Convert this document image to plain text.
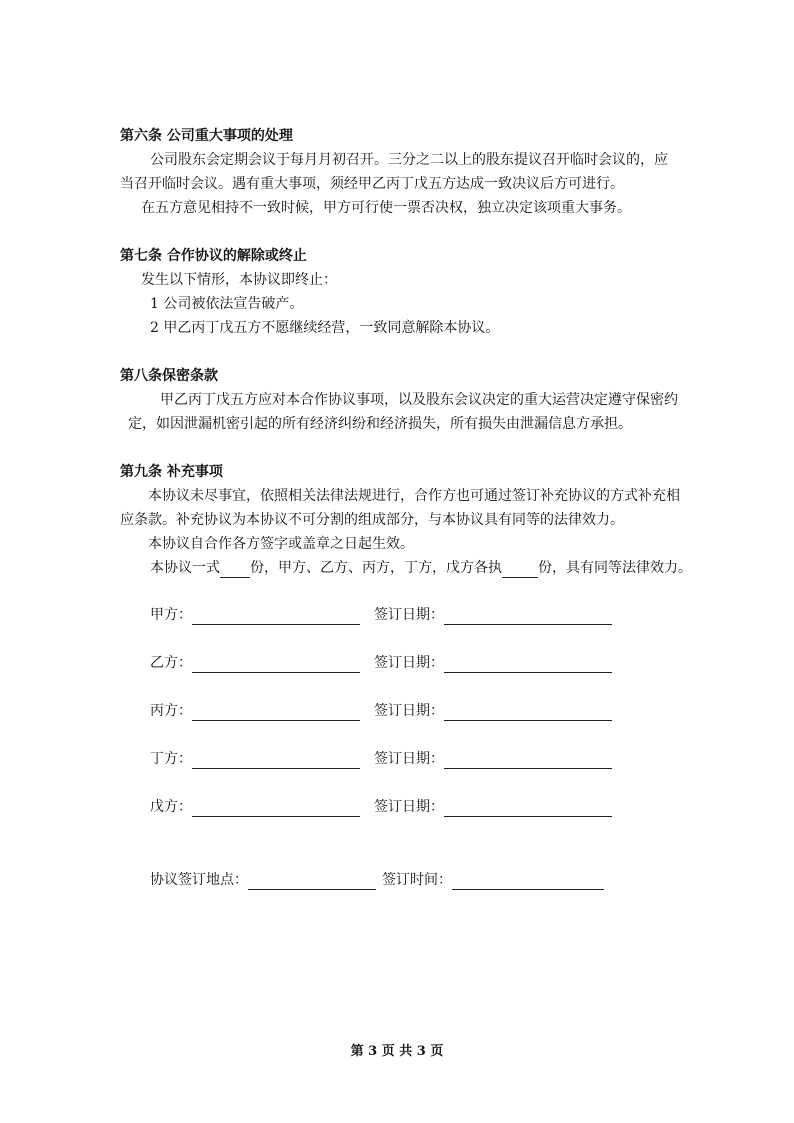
第六条 公司重大事项的处理
公司股东会定期会议于每月月初召开。三分之二以上的股东提议召开临时会议的，应
当召开临时会议。遇有重大事项，须经甲乙丙丁戊五方达成一致决议后方可进行。
在五方意见相持不一致时候，甲方可行使一票否决权，独立决定该项重大事务。
第七条 合作协议的解除或终止
发生以下情形，本协议即终止：
1 公司被依法宣告破产。
2 甲乙丙丁戊五方不愿继续经营，一致同意解除本协议。
第八条保密条款
甲乙丙丁戊五方应对本合作协议事项，以及股东会议决定的重大运营决定遵守保密约
定，如因泄漏机密引起的所有经济纠纷和经济损失，所有损失由泄漏信息方承担。
第九条 补充事项
本协议未尽事宜，依照相关法律法规进行，合作方也可通过签订补充协议的方式补充相
应条款。补充协议为本协议不可分割的组成部分，与本协议具有同等的法律效力。
本协议自合作各方签字或盖章之日起生效。
本协议一式 份，甲方、乙方、丙方，丁方，戊方各执	份，具有同等法律效力。
甲方：	签订日期：
乙方：	签订日期：
丙方：	签订日期：
丁方：	签订日期：
戊方：	签订日期：
协议签订地点：	签订时间：
第 3 页 共 3 页
